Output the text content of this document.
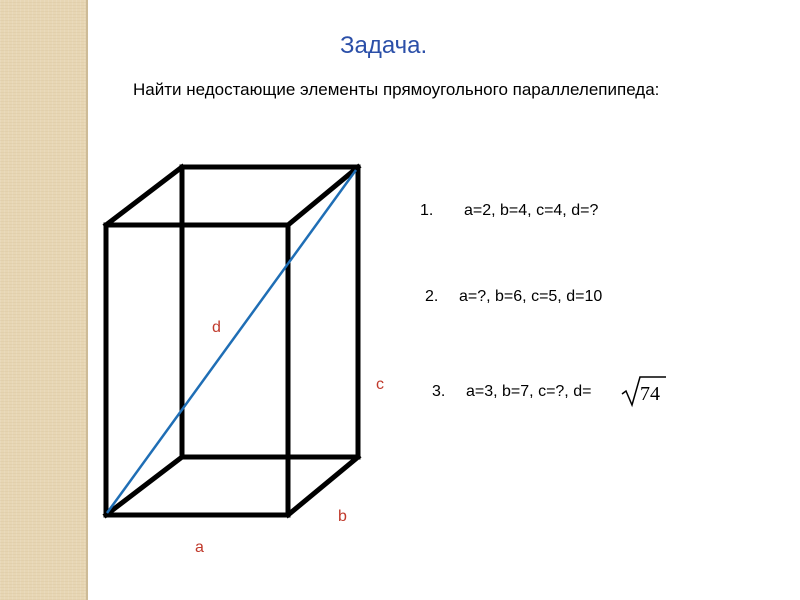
Задача.
Найти недостающие элементы прямоугольного параллелепипеда:
d
c
b
a
1. a=2, b=4, c=4, d=?
2. a=?, b=6, c=5, d=10
3. a=3, b=7, c=?, d= 74
